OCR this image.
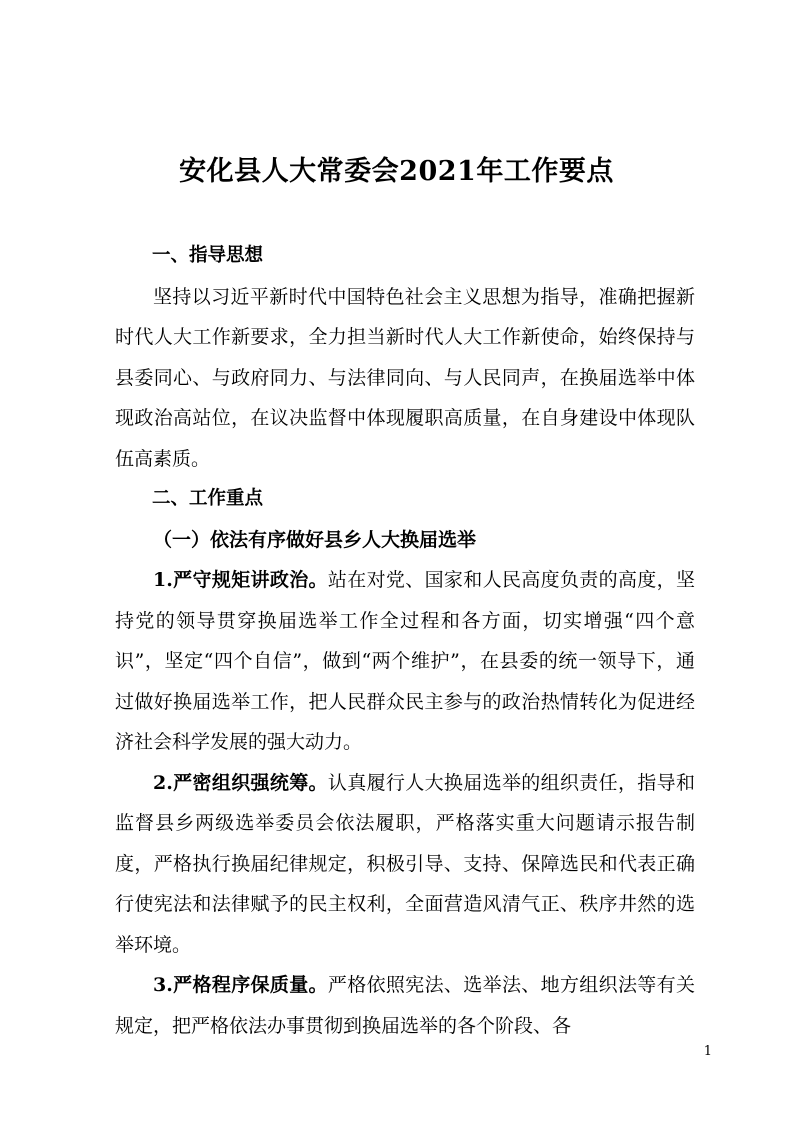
安化县人大常委会2021年工作要点

一、指导思想

坚持以习近平新时代中国特色社会主义思想为指导，准确把握新时代人大工作新要求，全力担当新时代人大工作新使命，始终保持与县委同心、与政府同力、与法律同向、与人民同声，在换届选举中体现政治高站位，在议决监督中体现履职高质量，在自身建设中体现队伍高素质。

二、工作重点

（一）依法有序做好县乡人大换届选举

1.严守规矩讲政治。站在对党、国家和人民高度负责的高度，坚持党的领导贯穿换届选举工作全过程和各方面，切实增强“四个意识”，坚定“四个自信”，做到“两个维护”，在县委的统一领导下，通过做好换届选举工作，把人民群众民主参与的政治热情转化为促进经济社会科学发展的强大动力。

2.严密组织强统筹。认真履行人大换届选举的组织责任，指导和监督县乡两级选举委员会依法履职，严格落实重大问题请示报告制度，严格执行换届纪律规定，积极引导、支持、保障选民和代表正确行使宪法和法律赋予的民主权利，全面营造风清气正、秩序井然的选举环境。

3.严格程序保质量。严格依照宪法、选举法、地方组织法等有关规定，把严格依法办事贯彻到换届选举的各个阶段、各

1
